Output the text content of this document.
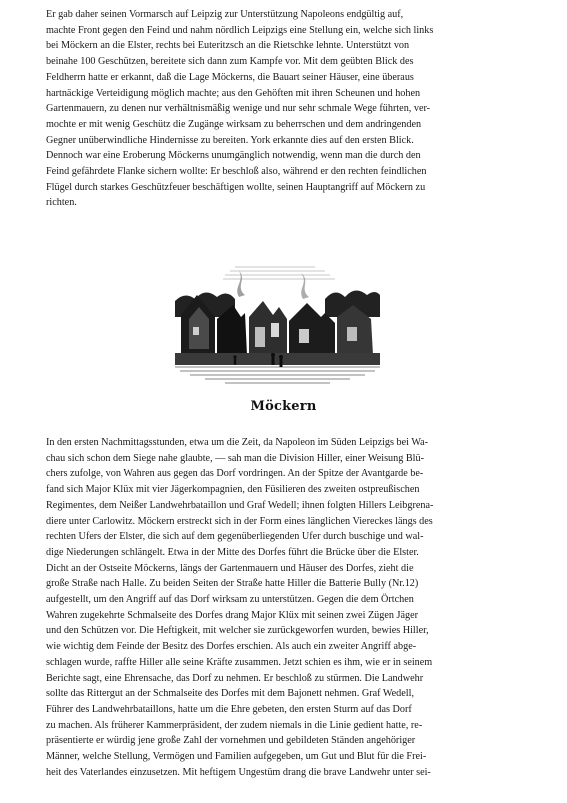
Er gab daher seinen Vormarsch auf Leipzig zur Unterstützung Napoleons endgültig auf,
machte Front gegen den Feind und nahm nördlich Leipzigs eine Stellung ein, welche sich links
bei Möckern an die Elster, rechts bei Euteritzsch an die Rietschke lehnte. Unterstützt von
beinahe 100 Geschützen, bereitete sich dann zum Kampfe vor. Mit dem geübten Blick des
Feldherrn hatte er erkannt, daß die Lage Möckerns, die Bauart seiner Häuser, eine überaus
hartnäckige Verteidigung möglich machte; aus den Gehöften mit ihren Scheunen und hohen
Gartenmauern, zu denen nur verhältnismäßig wenige und nur sehr schmale Wege führten, ver-
mochte er mit wenig Geschütz die Zugänge wirksam zu beherrschen und dem andringenden
Gegner unüberwindliche Hindernisse zu bereiten. York erkannte dies auf den ersten Blick.
Dennoch war eine Eroberung Möckerns unumgänglich notwendig, wenn man die durch den
Feind gefährdete Flanke sichern wollte: Er beschloß also, während er den rechten feindlichen
Flügel durch starkes Geschützfeuer beschäftigen wollte, seinen Hauptangriff auf Möckern zu
richten.
Möckern
In den ersten Nachmittagsstunden, etwa um die Zeit, da Napoleon im Süden Leipzigs bei Wa-
chau sich schon dem Siege nahe glaubte, — sah man die Division Hiller, einer Weisung Blü-
chers zufolge, von Wahren aus gegen das Dorf vordringen. An der Spitze der Avantgarde be-
fand sich Major Klüx mit vier Jägerkompagnien, den Füsilieren des zweiten ostpreußischen
Regimentes, dem Neißer Landwehrbataillon und Graf Wedell; ihnen folgten Hillers Leibgrena-
diere unter Carlowitz. Möckern erstreckt sich in der Form eines länglichen Viereckes längs des
rechten Ufers der Elster, die sich auf dem gegenüberliegenden Ufer durch buschige und wal-
dige Niederungen schlängelt. Etwa in der Mitte des Dorfes führt die Brücke über die Elster.
Dicht an der Ostseite Möckerns, längs der Gartenmauern und Häuser des Dorfes, zieht die
große Straße nach Halle. Zu beiden Seiten der Straße hatte Hiller die Batterie Bully (Nr.12)
aufgestellt, um den Angriff auf das Dorf wirksam zu unterstützen. Gegen die dem Örtchen
Wahren zugekehrte Schmalseite des Dorfes drang Major Klüx mit seinen zwei Zügen Jäger
und den Schützen vor. Die Heftigkeit, mit welcher sie zurückgeworfen wurden, bewies Hiller,
wie wichtig dem Feinde der Besitz des Dorfes erschien. Als auch ein zweiter Angriff abge-
schlagen wurde, raffte Hiller alle seine Kräfte zusammen. Jetzt schien es ihm, wie er in seinem
Berichte sagt, eine Ehrensache, das Dorf zu nehmen. Er beschloß zu stürmen. Die Landwehr
sollte das Rittergut an der Schmalseite des Dorfes mit dem Bajonett nehmen. Graf Wedell,
Führer des Landwehrbataillons, hatte um die Ehre gebeten, den ersten Sturm auf das Dorf
zu machen. Als früherer Kammerpräsident, der zudem niemals in die Linie gedient hatte, re-
präsentierte er würdig jene große Zahl der vornehmen und gebildeten Ständen angehöriger
Männer, welche Stellung, Vermögen und Familien aufgegeben, um Gut und Blut für die Frei-
heit des Vaterlandes einzusetzen. Mit heftigem Ungestüm drang die brave Landwehr unter sei-
